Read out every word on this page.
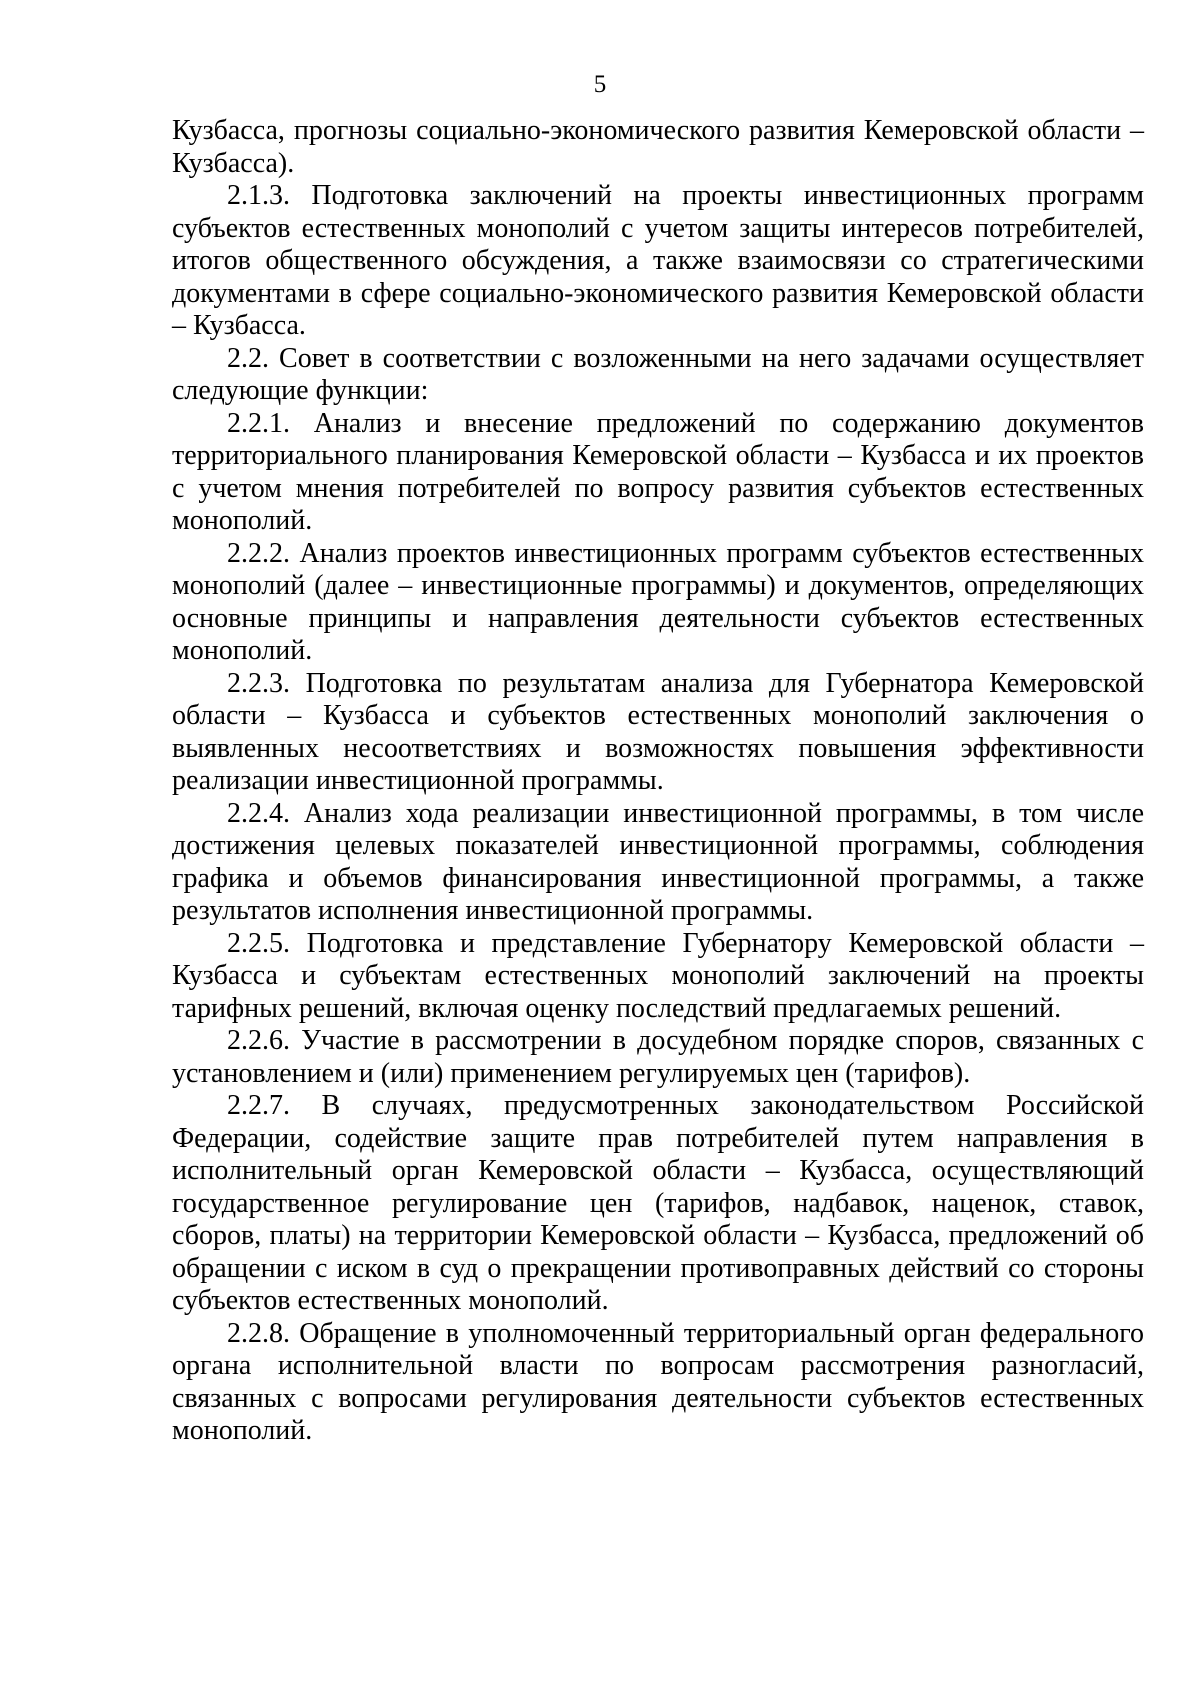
5

Кузбасса, прогнозы социально-экономического развития Кемеровской области – Кузбасса).

2.1.3. Подготовка заключений на проекты инвестиционных программ субъектов естественных монополий с учетом защиты интересов потребителей, итогов общественного обсуждения, а также взаимосвязи со стратегическими документами в сфере социально-экономического развития Кемеровской области – Кузбасса.

2.2. Совет в соответствии с возложенными на него задачами осуществляет следующие функции:

2.2.1. Анализ и внесение предложений по содержанию документов территориального планирования Кемеровской области – Кузбасса и их проектов с учетом мнения потребителей по вопросу развития субъектов естественных монополий.

2.2.2. Анализ проектов инвестиционных программ субъектов естественных монополий (далее – инвестиционные программы) и документов, определяющих основные принципы и направления деятельности субъектов естественных монополий.

2.2.3. Подготовка по результатам анализа для Губернатора Кемеровской области – Кузбасса и субъектов естественных монополий заключения о выявленных несоответствиях и возможностях повышения эффективности реализации инвестиционной программы.

2.2.4. Анализ хода реализации инвестиционной программы, в том числе достижения целевых показателей инвестиционной программы, соблюдения графика и объемов финансирования инвестиционной программы, а также результатов исполнения инвестиционной программы.

2.2.5. Подготовка и представление Губернатору Кемеровской области – Кузбасса и субъектам естественных монополий заключений на проекты тарифных решений, включая оценку последствий предлагаемых решений.

2.2.6. Участие в рассмотрении в досудебном порядке споров, связанных с установлением и (или) применением регулируемых цен (тарифов).

2.2.7. В случаях, предусмотренных законодательством Российской Федерации, содействие защите прав потребителей путем направления в исполнительный орган Кемеровской области – Кузбасса, осуществляющий государственное регулирование цен (тарифов, надбавок, наценок, ставок, сборов, платы) на территории Кемеровской области – Кузбасса, предложений об обращении с иском в суд о прекращении противоправных действий со стороны субъектов естественных монополий.

2.2.8. Обращение в уполномоченный территориальный орган федерального органа исполнительной власти по вопросам рассмотрения разногласий, связанных с вопросами регулирования деятельности субъектов естественных монополий.
